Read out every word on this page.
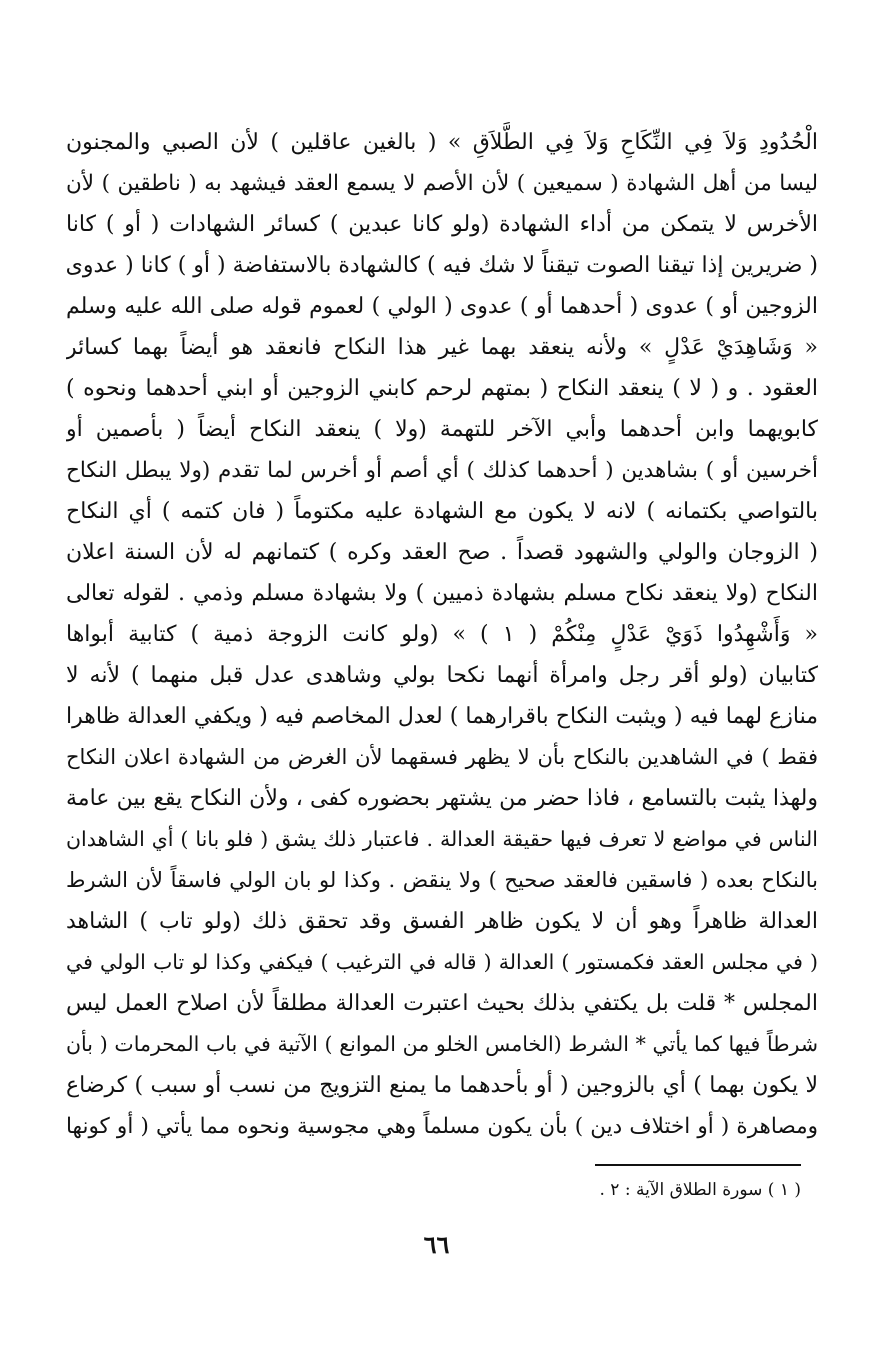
الْحُدُودِ وَلاَ فِي النِّكَاحِ وَلاَ فِي الطَّلاَقِ » ( بالغين عاقلين ) لأن الصبي والمجنون
ليسا من أهل الشهادة ( سميعين ) لأن الأصم لا يسمع العقد فيشهد به ( ناطقين ) لأن
الأخرس لا يتمكن من أداء الشهادة (ولو كانا عبدين ) كسائر الشهادات ( أو ) كانا
( ضريرين إذا تيقنا الصوت تيقناً لا شك فيه ) كالشهادة بالاستفاضة ( أو ) كانا ( عدوى
الزوجين أو ) عدوى ( أحدهما أو ) عدوى ( الولي ) لعموم قوله صلى الله عليه وسلم
« وَشَاهِدَيْ عَدْلٍ » ولأنه ينعقد بهما غير هذا النكاح فانعقد هو أيضاً بهما كسائر
العقود . و ( لا ) ينعقد النكاح ( بمتهم لرحم كابني الزوجين أو ابني أحدهما ونحوه )
كابويهما وابن أحدهما وأبي الآخر للتهمة (ولا ) ينعقد النكاح أيضاً ( بأصمين أو
أخرسين أو ) بشاهدين ( أحدهما كذلك ) أي أصم أو أخرس لما تقدم (ولا يبطل النكاح
بالتواصي بكتمانه ) لانه لا يكون مع الشهادة عليه مكتوماً ( فان كتمه ) أي النكاح
( الزوجان والولي والشهود قصداً . صح العقد وكره ) كتمانهم له لأن السنة اعلان
النكاح (ولا ينعقد نكاح مسلم بشهادة ذميين ) ولا بشهادة مسلم وذمي . لقوله تعالى
« وَأَشْهِدُوا ذَوَيْ عَدْلٍ مِنْكُمْ ( ١ ) » (ولو كانت الزوجة ذمية ) كتابية أبواها
كتابيان (ولو أقر رجل وامرأة أنهما نكحا بولي وشاهدى عدل قبل منهما ) لأنه لا
منازع لهما فيه ( ويثبت النكاح باقرارهما ) لعدل المخاصم فيه ( ويكفي العدالة ظاهرا
فقط ) في الشاهدين بالنكاح بأن لا يظهر فسقهما لأن الغرض من الشهادة اعلان النكاح
ولهذا يثبت بالتسامع ، فاذا حضر من يشتهر بحضوره كفى ، ولأن النكاح يقع بين عامة
الناس في مواضع لا تعرف فيها حقيقة العدالة . فاعتبار ذلك يشق ( فلو بانا ) أي الشاهدان
بالنكاح بعده ( فاسقين فالعقد صحيح ) ولا ينقض . وكذا لو بان الولي فاسقاً لأن الشرط
العدالة ظاهراً وهو أن لا يكون ظاهر الفسق وقد تحقق ذلك (ولو تاب ) الشاهد
( في مجلس العقد فكمستور ) العدالة ( قاله في الترغيب ) فيكفي وكذا لو تاب الولي في
المجلس * قلت بل يكتفي بذلك بحيث اعتبرت العدالة مطلقاً لأن اصلاح العمل ليس
شرطاً فيها كما يأتي * الشرط (الخامس الخلو من الموانع ) الآتية في باب المحرمات ( بأن
لا يكون بهما ) أي بالزوجين ( أو بأحدهما ما يمنع التزويج من نسب أو سبب ) كرضاع
ومصاهرة ( أو اختلاف دين ) بأن يكون مسلماً وهي مجوسية ونحوه مما يأتي ( أو كونها
( ١ ) سورة الطلاق الآية : ٢ .
٦٦
